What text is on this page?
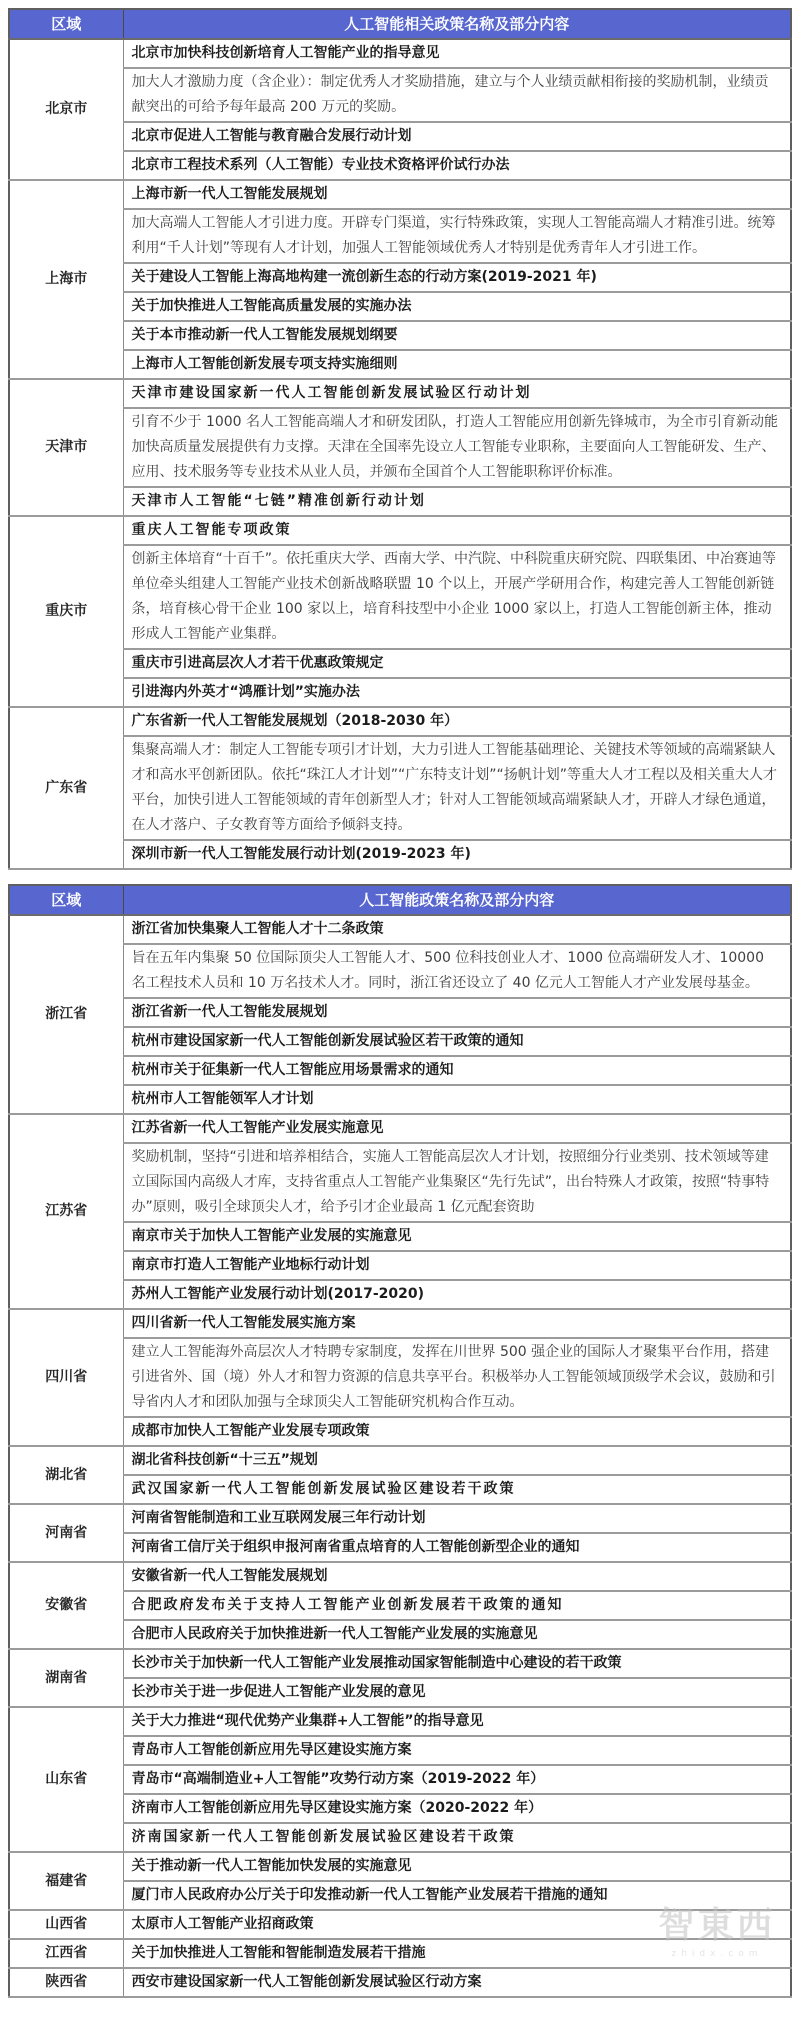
区域	人工智能相关政策名称及部分内容
北京市	北京市加快科技创新培育人工智能产业的指导意见
	加大人才激励力度（含企业）：制定优秀人才奖励措施，建立与个人业绩贡献相衔接的奖励机制，业绩贡献突出的可给予每年最高 200 万元的奖励。
	北京市促进人工智能与教育融合发展行动计划
	北京市工程技术系列（人工智能）专业技术资格评价试行办法
上海市	上海市新一代人工智能发展规划
	加大高端人工智能人才引进力度。开辟专门渠道，实行特殊政策，实现人工智能高端人才精准引进。统筹利用“千人计划”等现有人才计划，加强人工智能领域优秀人才特别是优秀青年人才引进工作。
	关于建设人工智能上海高地构建一流创新生态的行动方案(2019-2021 年)
	关于加快推进人工智能高质量发展的实施办法
	关于本市推动新一代人工智能发展规划纲要
	上海市人工智能创新发展专项支持实施细则
天津市	天津市建设国家新一代人工智能创新发展试验区行动计划
	引育不少于 1000 名人工智能高端人才和研发团队，打造人工智能应用创新先锋城市，为全市引育新动能加快高质量发展提供有力支撑。天津在全国率先设立人工智能专业职称，主要面向人工智能研发、生产、应用、技术服务等专业技术从业人员，并颁布全国首个人工智能职称评价标准。
	天津市人工智能“七链”精准创新行动计划
重庆市	重庆人工智能专项政策
	创新主体培育“十百千”。依托重庆大学、西南大学、中汽院、中科院重庆研究院、四联集团、中冶赛迪等单位牵头组建人工智能产业技术创新战略联盟 10 个以上，开展产学研用合作，构建完善人工智能创新链条，培育核心骨干企业 100 家以上，培育科技型中小企业 1000 家以上，打造人工智能创新主体，推动形成人工智能产业集群。
	重庆市引进高层次人才若干优惠政策规定
	引进海内外英才“鸿雁计划”实施办法
广东省	广东省新一代人工智能发展规划（2018-2030 年）
	集聚高端人才：制定人工智能专项引才计划，大力引进人工智能基础理论、关键技术等领域的高端紧缺人才和高水平创新团队。依托“珠江人才计划”“广东特支计划”“扬帆计划”等重大人才工程以及相关重大人才平台，加快引进人工智能领域的青年创新型人才；针对人工智能领域高端紧缺人才，开辟人才绿色通道，在人才落户、子女教育等方面给予倾斜支持。
	深圳市新一代人工智能发展行动计划(2019-2023 年)
区域	人工智能政策名称及部分内容
浙江省	浙江省加快集聚人工智能人才十二条政策
	旨在五年内集聚 50 位国际顶尖人工智能人才、500 位科技创业人才、1000 位高端研发人才、10000 名工程技术人员和 10 万名技术人才。同时，浙江省还设立了 40 亿元人工智能人才产业发展母基金。
	浙江省新一代人工智能发展规划
	杭州市建设国家新一代人工智能创新发展试验区若干政策的通知
	杭州市关于征集新一代人工智能应用场景需求的通知
	杭州市人工智能领军人才计划
江苏省	江苏省新一代人工智能产业发展实施意见
	奖励机制，坚持“引进和培养相结合，实施人工智能高层次人才计划，按照细分行业类别、技术领域等建立国际国内高级人才库，支持省重点人工智能产业集聚区“先行先试”，出台特殊人才政策，按照“特事特办”原则，吸引全球顶尖人才，给予引才企业最高 1 亿元配套资助
	南京市关于加快人工智能产业发展的实施意见
	南京市打造人工智能产业地标行动计划
	苏州人工智能产业发展行动计划(2017-2020)
四川省	四川省新一代人工智能发展实施方案
	建立人工智能海外高层次人才特聘专家制度，发挥在川世界 500 强企业的国际人才聚集平台作用，搭建引进省外、国（境）外人才和智力资源的信息共享平台。积极举办人工智能领域顶级学术会议，鼓励和引导省内人才和团队加强与全球顶尖人工智能研究机构合作互动。
	成都市加快人工智能产业发展专项政策
湖北省	湖北省科技创新“十三五”规划
	武汉国家新一代人工智能创新发展试验区建设若干政策
河南省	河南省智能制造和工业互联网发展三年行动计划
	河南省工信厅关于组织申报河南省重点培育的人工智能创新型企业的通知
安徽省	安徽省新一代人工智能发展规划
	合肥政府发布关于支持人工智能产业创新发展若干政策的通知
	合肥市人民政府关于加快推进新一代人工智能产业发展的实施意见
湖南省	长沙市关于加快新一代人工智能产业发展推动国家智能制造中心建设的若干政策
	长沙市关于进一步促进人工智能产业发展的意见
山东省	关于大力推进“现代优势产业集群+人工智能”的指导意见
	青岛市人工智能创新应用先导区建设实施方案
	青岛市“高端制造业+人工智能”攻势行动方案（2019-2022 年）
	济南市人工智能创新应用先导区建设实施方案（2020-2022 年）
	济南国家新一代人工智能创新发展试验区建设若干政策
福建省	关于推动新一代人工智能加快发展的实施意见
	厦门市人民政府办公厅关于印发推动新一代人工智能产业发展若干措施的通知
山西省	太原市人工智能产业招商政策
江西省	关于加快推进人工智能和智能制造发展若干措施
陕西省	西安市建设国家新一代人工智能创新发展试验区行动方案
智東西
zhidx.com
